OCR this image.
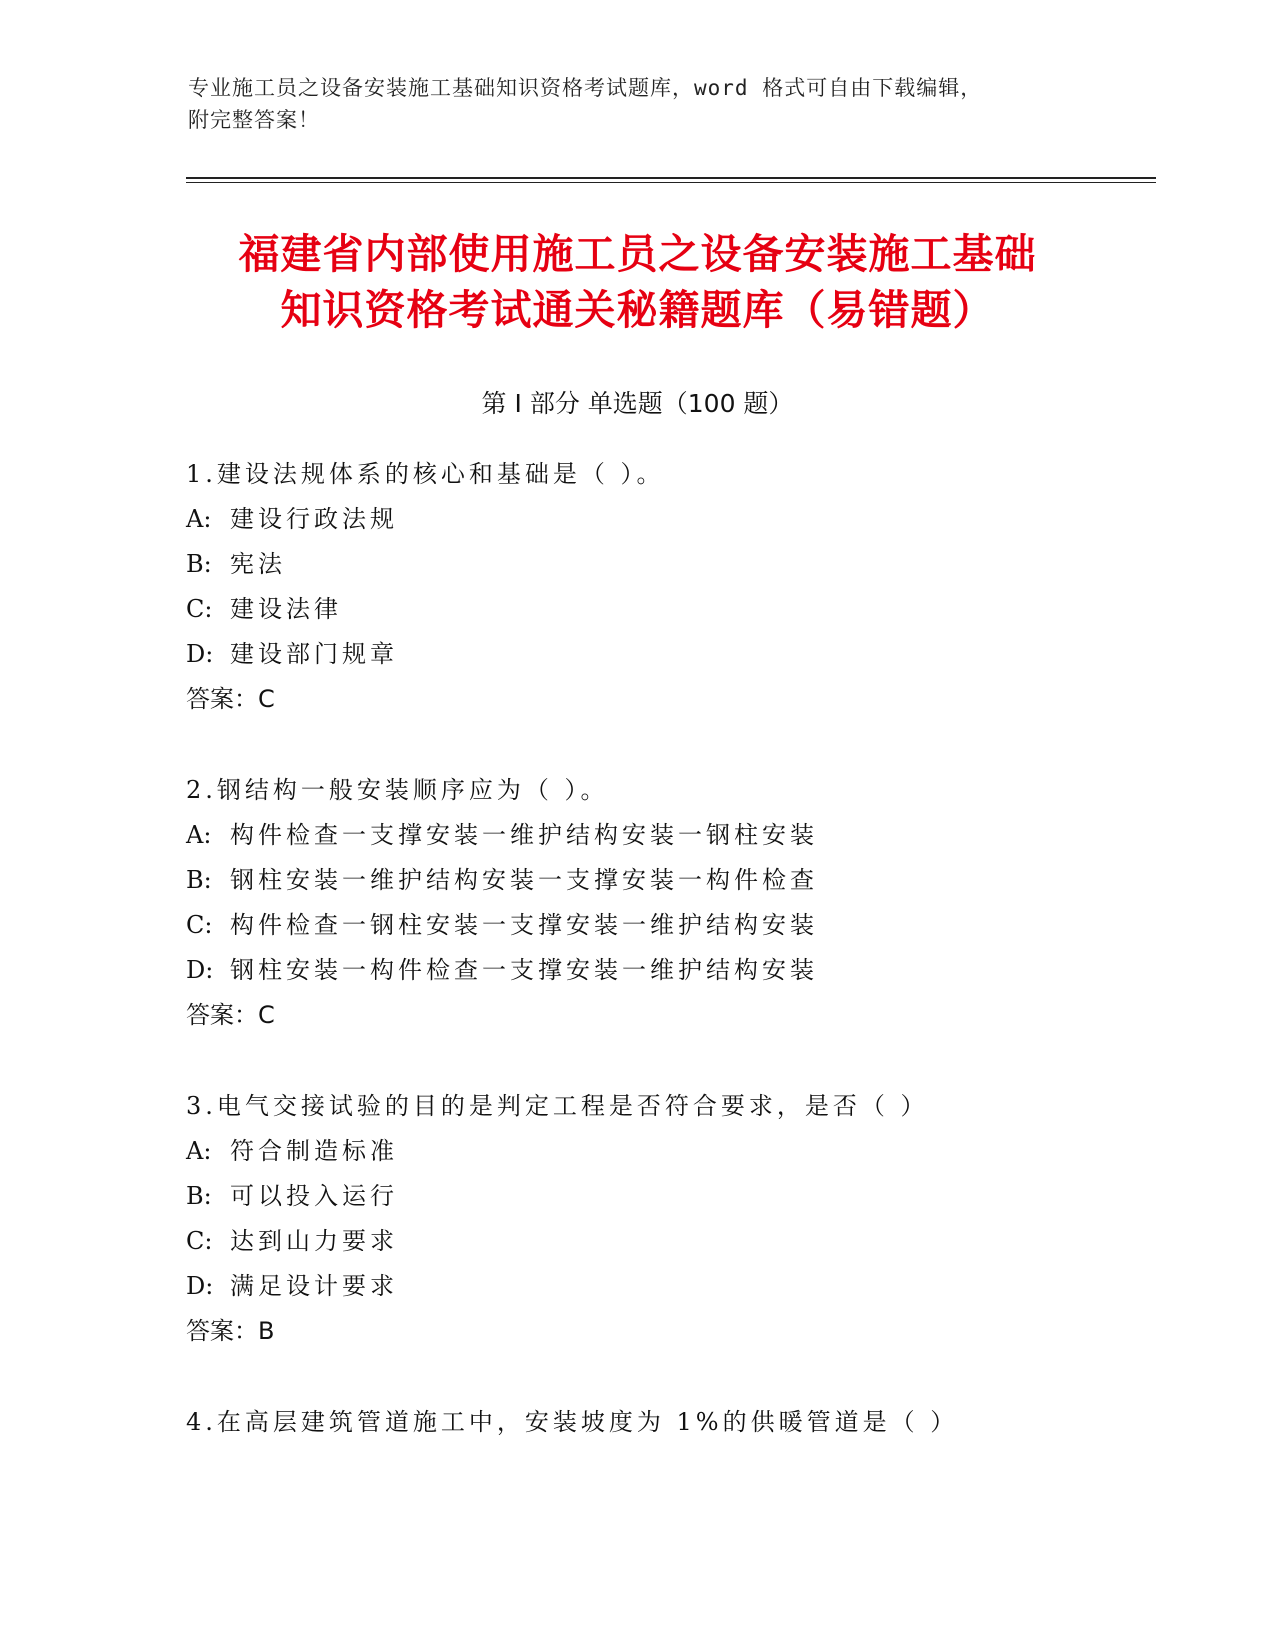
专业施工员之设备安装施工基础知识资格考试题库，word 格式可自由下载编辑，
附完整答案！
福建省内部使用施工员之设备安装施工基础
知识资格考试通关秘籍题库（易错题）
第 I 部分 单选题（100 题）
1.建设法规体系的核心和基础是（ ）。
A: 建设行政法规
B: 宪法
C: 建设法律
D: 建设部门规章
答案：C
2.钢结构一般安装顺序应为（ ）。
A: 构件检查一支撑安装一维护结构安装一钢柱安装
B: 钢柱安装一维护结构安装一支撑安装一构件检查
C: 构件检查一钢柱安装一支撑安装一维护结构安装
D: 钢柱安装一构件检查一支撑安装一维护结构安装
答案：C
3.电气交接试验的目的是判定工程是否符合要求，是否（ ）
A: 符合制造标准
B: 可以投入运行
C: 达到山力要求
D: 满足设计要求
答案：B
4.在高层建筑管道施工中，安装坡度为 1%的供暖管道是（ ）
